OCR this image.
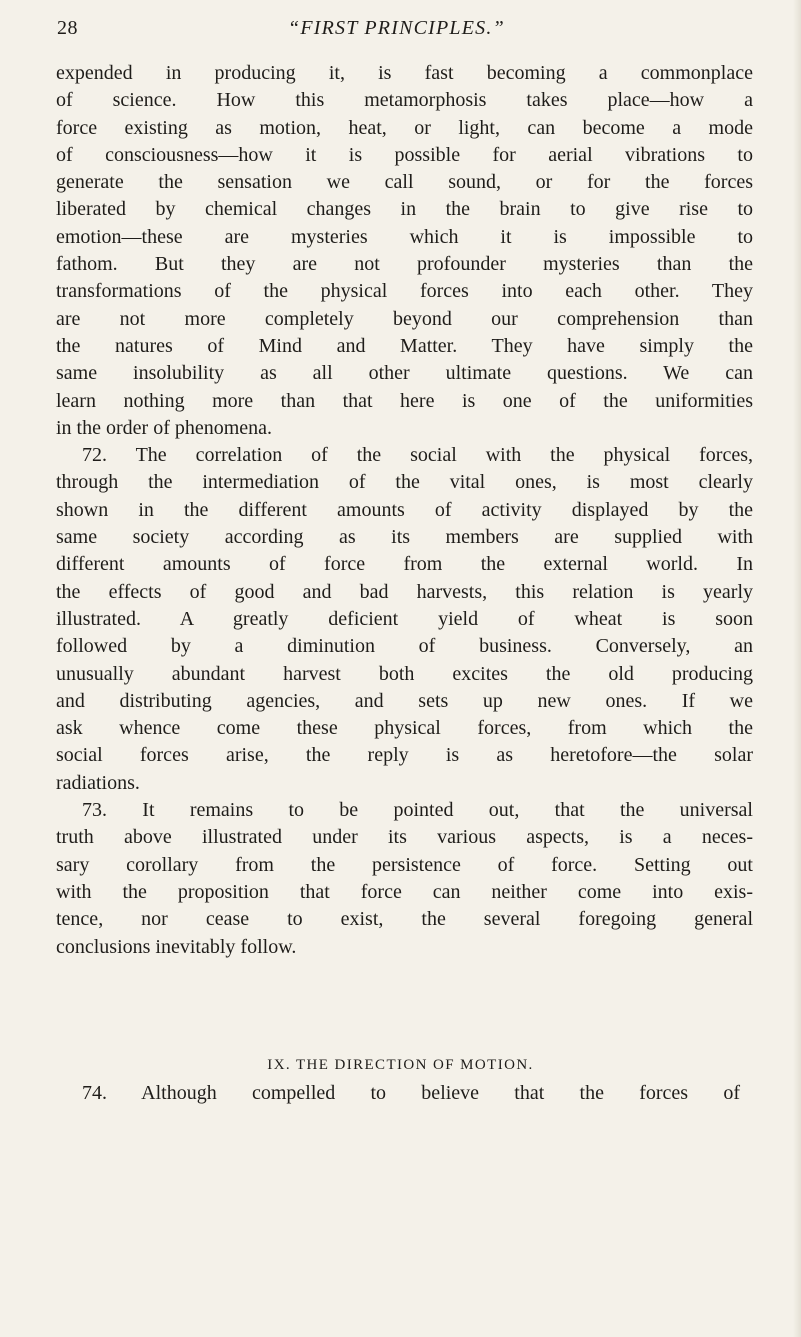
28	“FIRST PRINCIPLES.”
expended in producing it, is fast becoming a commonplace
of science. How this metamorphosis takes place—how a
force existing as motion, heat, or light, can become a mode
of consciousness—how it is possible for aerial vibrations to
generate the sensation we call sound, or for the forces
liberated by chemical changes in the brain to give rise to
emotion—these are mysteries which it is impossible to
fathom. But they are not profounder mysteries than the
transformations of the physical forces into each other. They
are not more completely beyond our comprehension than
the natures of Mind and Matter. They have simply the
same insolubility as all other ultimate questions. We can
learn nothing more than that here is one of the uniformities
in the order of phenomena.
72. The correlation of the social with the physical forces,
through the intermediation of the vital ones, is most clearly
shown in the different amounts of activity displayed by the
same society according as its members are supplied with
different amounts of force from the external world. In
the effects of good and bad harvests, this relation is yearly
illustrated. A greatly deficient yield of wheat is soon
followed by a diminution of business. Conversely, an
unusually abundant harvest both excites the old producing
and distributing agencies, and sets up new ones. If we
ask whence come these physical forces, from which the
social forces arise, the reply is as heretofore—the solar
radiations.
73. It remains to be pointed out, that the universal
truth above illustrated under its various aspects, is a neces-
sary corollary from the persistence of force. Setting out
with the proposition that force can neither come into exis-
tence, nor cease to exist, the several foregoing general
conclusions inevitably follow.
IX. THE DIRECTION OF MOTION.
74. Although compelled to believe that the forces of
